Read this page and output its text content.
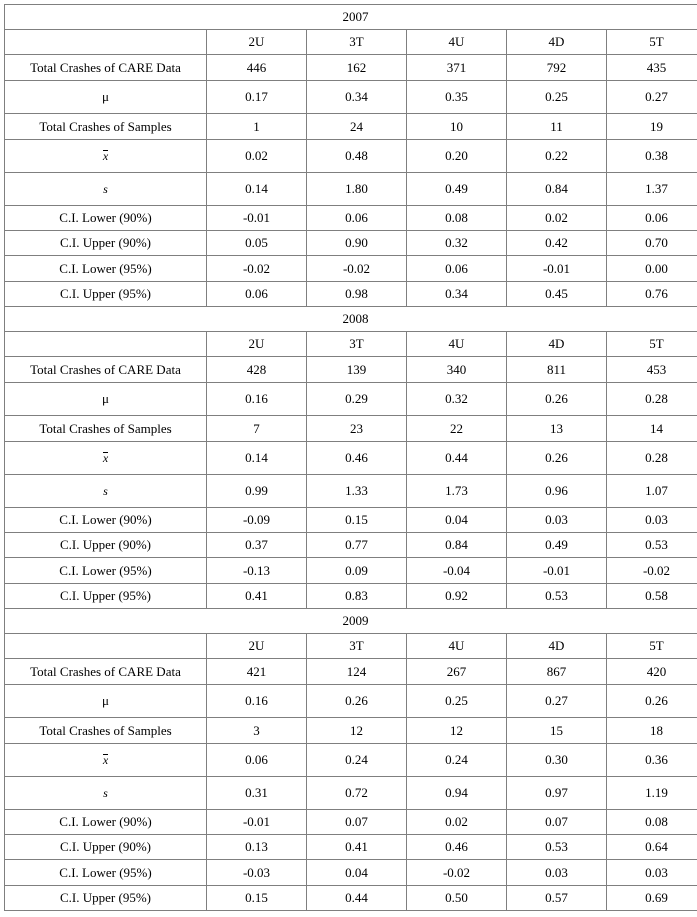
2007					
	2U	3T	4U	4D	5T
Total Crashes of CARE Data	446	162	371	792	435
μ	0.17	0.34	0.35	0.25	0.27
Total Crashes of Samples	1	24	10	11	19
x	0.02	0.48	0.20	0.22	0.38
s	0.14	1.80	0.49	0.84	1.37
C.I. Lower (90%)	-0.01	0.06	0.08	0.02	0.06
C.I. Upper (90%)	0.05	0.90	0.32	0.42	0.70
C.I. Lower (95%)	-0.02	-0.02	0.06	-0.01	0.00
C.I. Upper (95%)	0.06	0.98	0.34	0.45	0.76
2008					
	2U	3T	4U	4D	5T
Total Crashes of CARE Data	428	139	340	811	453
μ	0.16	0.29	0.32	0.26	0.28
Total Crashes of Samples	7	23	22	13	14
x	0.14	0.46	0.44	0.26	0.28
s	0.99	1.33	1.73	0.96	1.07
C.I. Lower (90%)	-0.09	0.15	0.04	0.03	0.03
C.I. Upper (90%)	0.37	0.77	0.84	0.49	0.53
C.I. Lower (95%)	-0.13	0.09	-0.04	-0.01	-0.02
C.I. Upper (95%)	0.41	0.83	0.92	0.53	0.58
2009					
	2U	3T	4U	4D	5T
Total Crashes of CARE Data	421	124	267	867	420
μ	0.16	0.26	0.25	0.27	0.26
Total Crashes of Samples	3	12	12	15	18
x	0.06	0.24	0.24	0.30	0.36
s	0.31	0.72	0.94	0.97	1.19
C.I. Lower (90%)	-0.01	0.07	0.02	0.07	0.08
C.I. Upper (90%)	0.13	0.41	0.46	0.53	0.64
C.I. Lower (95%)	-0.03	0.04	-0.02	0.03	0.03
C.I. Upper (95%)	0.15	0.44	0.50	0.57	0.69
